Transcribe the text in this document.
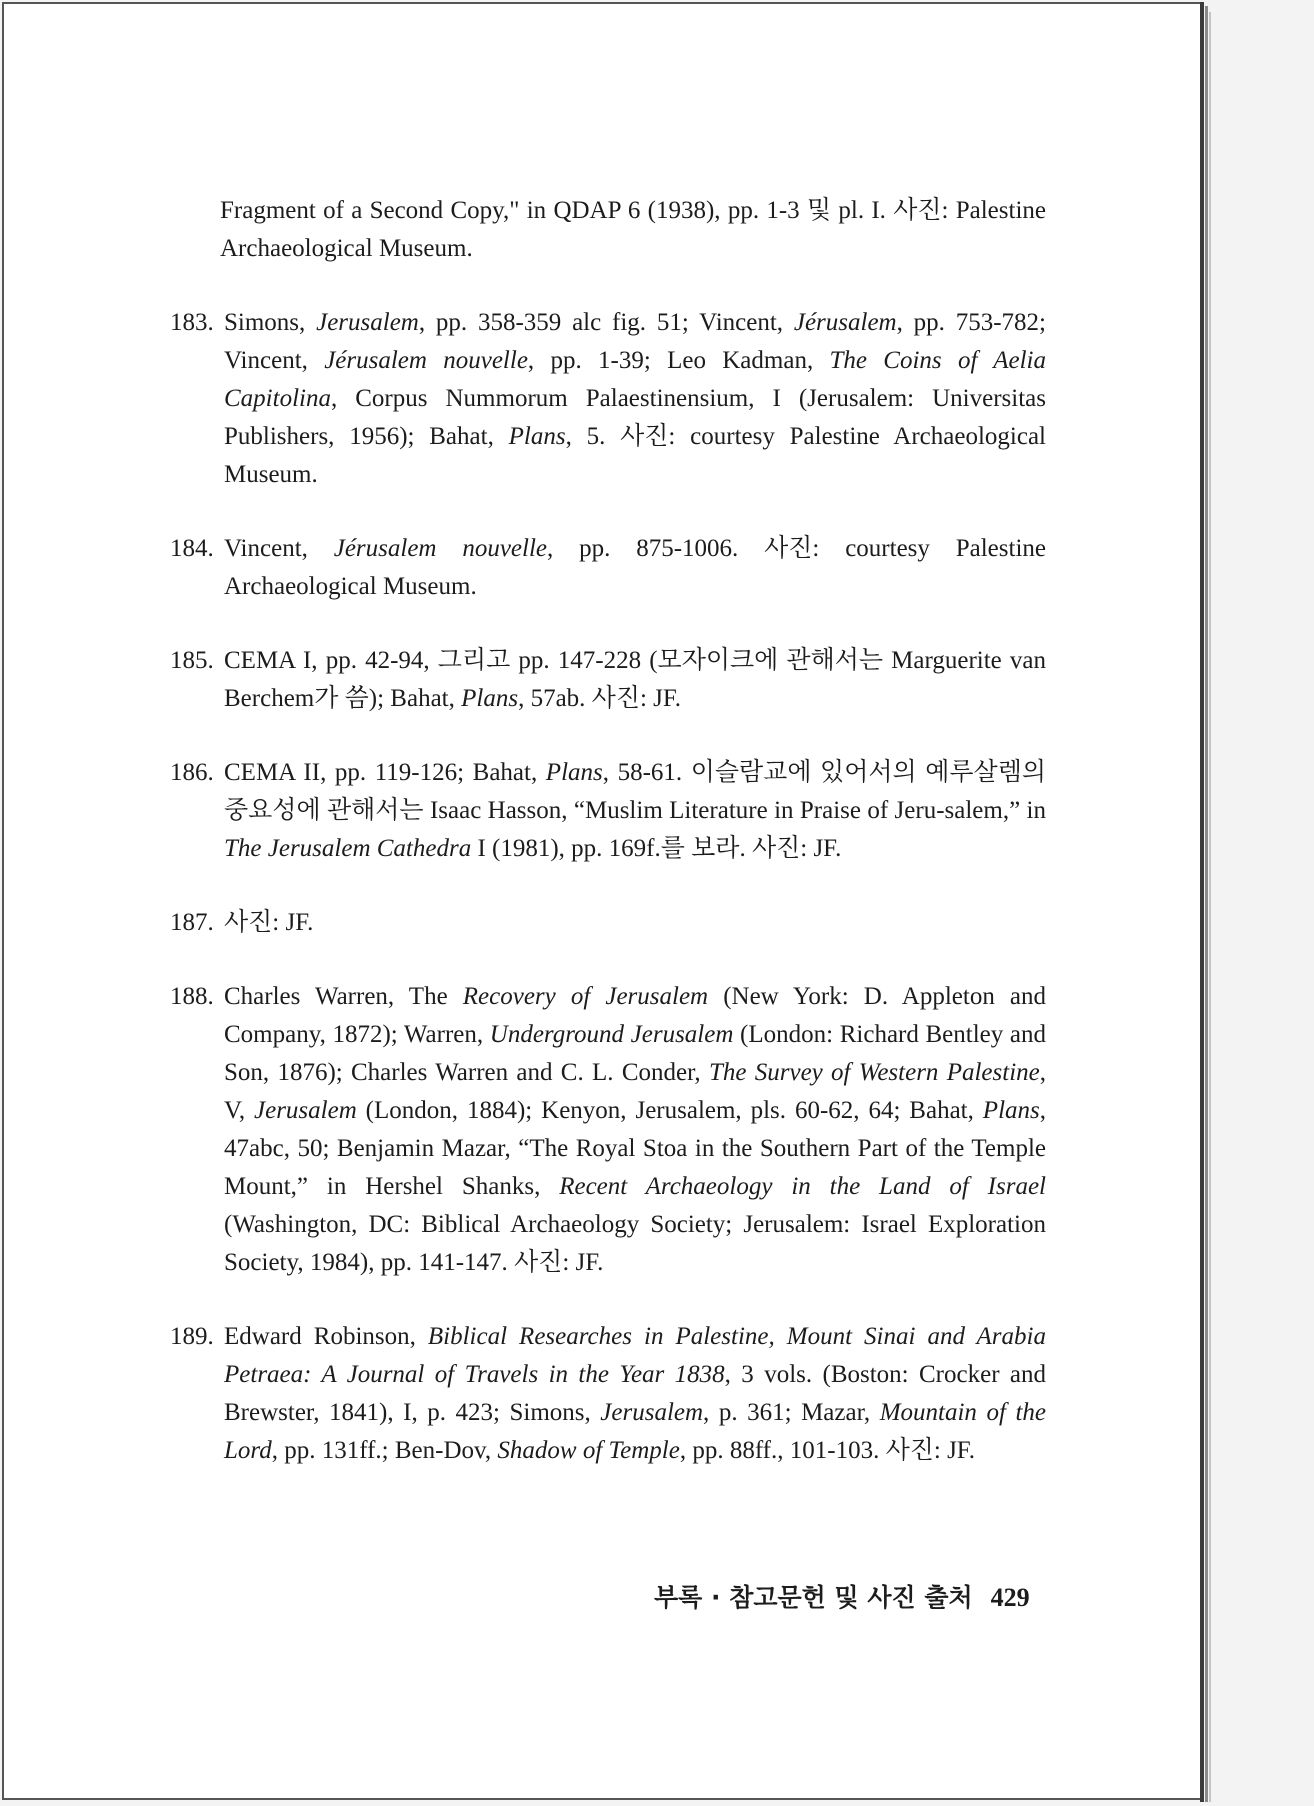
Fragment of a Second Copy," in QDAP 6 (1938), pp. 1-3 및 pl. I. 사진: Palestine Archaeological Museum.

183. Simons, Jerusalem, pp. 358-359 alc fig. 51; Vincent, Jérusalem, pp. 753-782; Vincent, Jérusalem nouvelle, pp. 1-39; Leo Kadman, The Coins of Aelia Capitolina, Corpus Nummorum Palaestinensium, I (Jerusalem: Universitas Publishers, 1956); Bahat, Plans, 5. 사진: courtesy Palestine Archaeological Museum.

184. Vincent, Jérusalem nouvelle, pp. 875-1006. 사진: courtesy Palestine Archaeological Museum.

185. CEMA I, pp. 42-94, 그리고 pp. 147-228 (모자이크에 관해서는 Marguerite van Berchem가 씀); Bahat, Plans, 57ab. 사진: JF.

186. CEMA II, pp. 119-126; Bahat, Plans, 58-61. 이슬람교에 있어서의 예루살렘의 중요성에 관해서는 Isaac Hasson, “Muslim Literature in Praise of Jeru-salem,” in The Jerusalem Cathedra I (1981), pp. 169f.를 보라. 사진: JF.

187. 사진: JF.

188. Charles Warren, The Recovery of Jerusalem (New York: D. Appleton and Company, 1872); Warren, Underground Jerusalem (London: Richard Bentley and Son, 1876); Charles Warren and C. L. Conder, The Survey of Western Palestine, V, Jerusalem (London, 1884); Kenyon, Jerusalem, pls. 60-62, 64; Bahat, Plans, 47abc, 50; Benjamin Mazar, “The Royal Stoa in the Southern Part of the Temple Mount,” in Hershel Shanks, Recent Archaeology in the Land of Israel (Washington, DC: Biblical Archaeology Society; Jerusalem: Israel Exploration Society, 1984), pp. 141-147. 사진: JF.

189. Edward Robinson, Biblical Researches in Palestine, Mount Sinai and Arabia Petraea: A Journal of Travels in the Year 1838, 3 vols. (Boston: Crocker and Brewster, 1841), I, p. 423; Simons, Jerusalem, p. 361; Mazar, Mountain of the Lord, pp. 131ff.; Ben-Dov, Shadow of Temple, pp. 88ff., 101-103. 사진: JF.

부록 · 참고문헌 및 사진 출처 429
